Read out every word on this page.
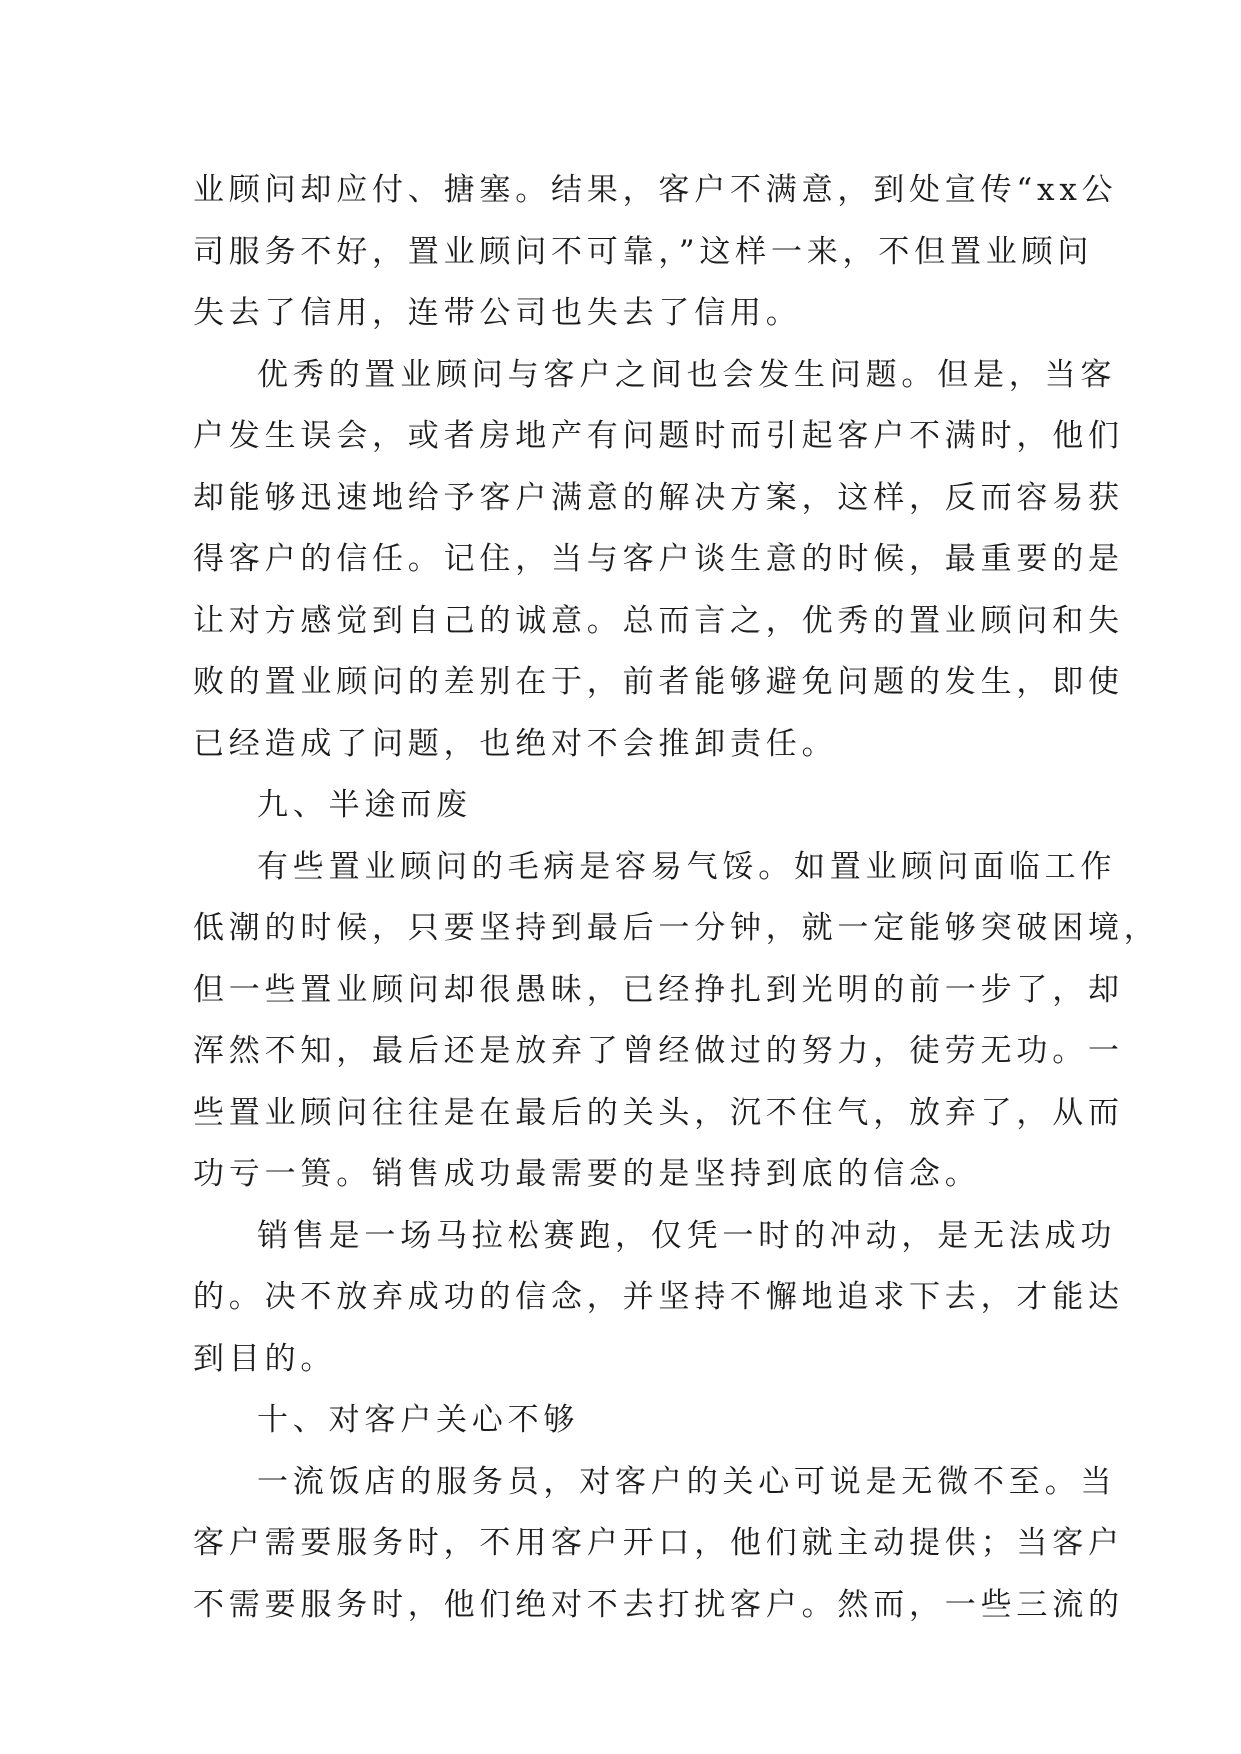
业顾问却应付、搪塞。结果，客户不满意，到处宣传“xx公
司服务不好，置业顾问不可靠，”这样一来，不但置业顾问
失去了信用，连带公司也失去了信用。
优秀的置业顾问与客户之间也会发生问题。但是，当客
户发生误会，或者房地产有问题时而引起客户不满时，他们
却能够迅速地给予客户满意的解决方案，这样，反而容易获
得客户的信任。记住，当与客户谈生意的时候，最重要的是
让对方感觉到自己的诚意。总而言之，优秀的置业顾问和失
败的置业顾问的差别在于，前者能够避免问题的发生，即使
已经造成了问题，也绝对不会推卸责任。
九、半途而废
有些置业顾问的毛病是容易气馁。如置业顾问面临工作
低潮的时候，只要坚持到最后一分钟，就一定能够突破困境，
但一些置业顾问却很愚昧，已经挣扎到光明的前一步了，却
浑然不知，最后还是放弃了曾经做过的努力，徒劳无功。一
些置业顾问往往是在最后的关头，沉不住气，放弃了，从而
功亏一篑。销售成功最需要的是坚持到底的信念。
销售是一场马拉松赛跑，仅凭一时的冲动，是无法成功
的。决不放弃成功的信念，并坚持不懈地追求下去，才能达
到目的。
十、对客户关心不够
一流饭店的服务员，对客户的关心可说是无微不至。当
客户需要服务时，不用客户开口，他们就主动提供；当客户
不需要服务时，他们绝对不去打扰客户。然而，一些三流的
